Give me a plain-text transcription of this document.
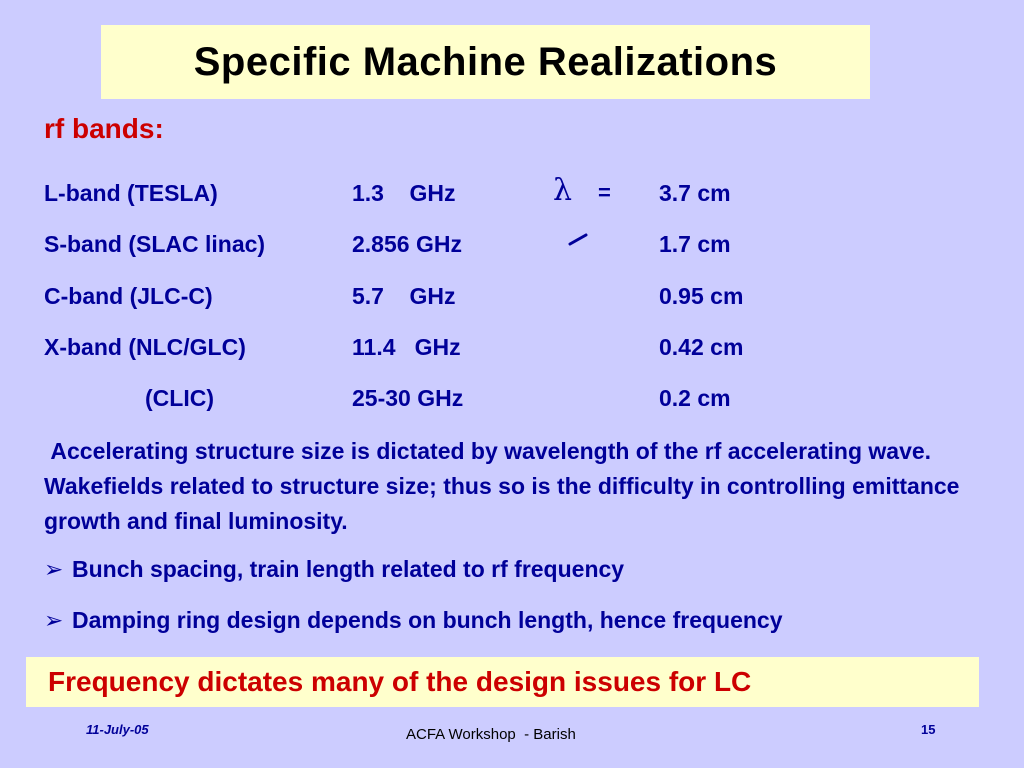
Specific Machine Realizations

rf bands:

L-band (TESLA)	1.3    GHz	3.7 cm
S-band (SLAC linac)	2.856 GHz	1.7 cm
C-band (JLC-C)	5.7    GHz	0.95 cm
X-band (NLC/GLC)	11.4   GHz	0.42 cm
(CLIC)	25-30 GHz	0.2 cm
λ =

Accelerating structure size is dictated by wavelength of the rf accelerating wave. Wakefields related to structure size; thus so is the difficulty in controlling emittance growth and final luminosity.

➢ Bunch spacing, train length related to rf frequency
➢ Damping ring design depends on bunch length, hence frequency
Frequency dictates many of the design issues for LC
11-July-05	ACFA Workshop  - Barish	15
